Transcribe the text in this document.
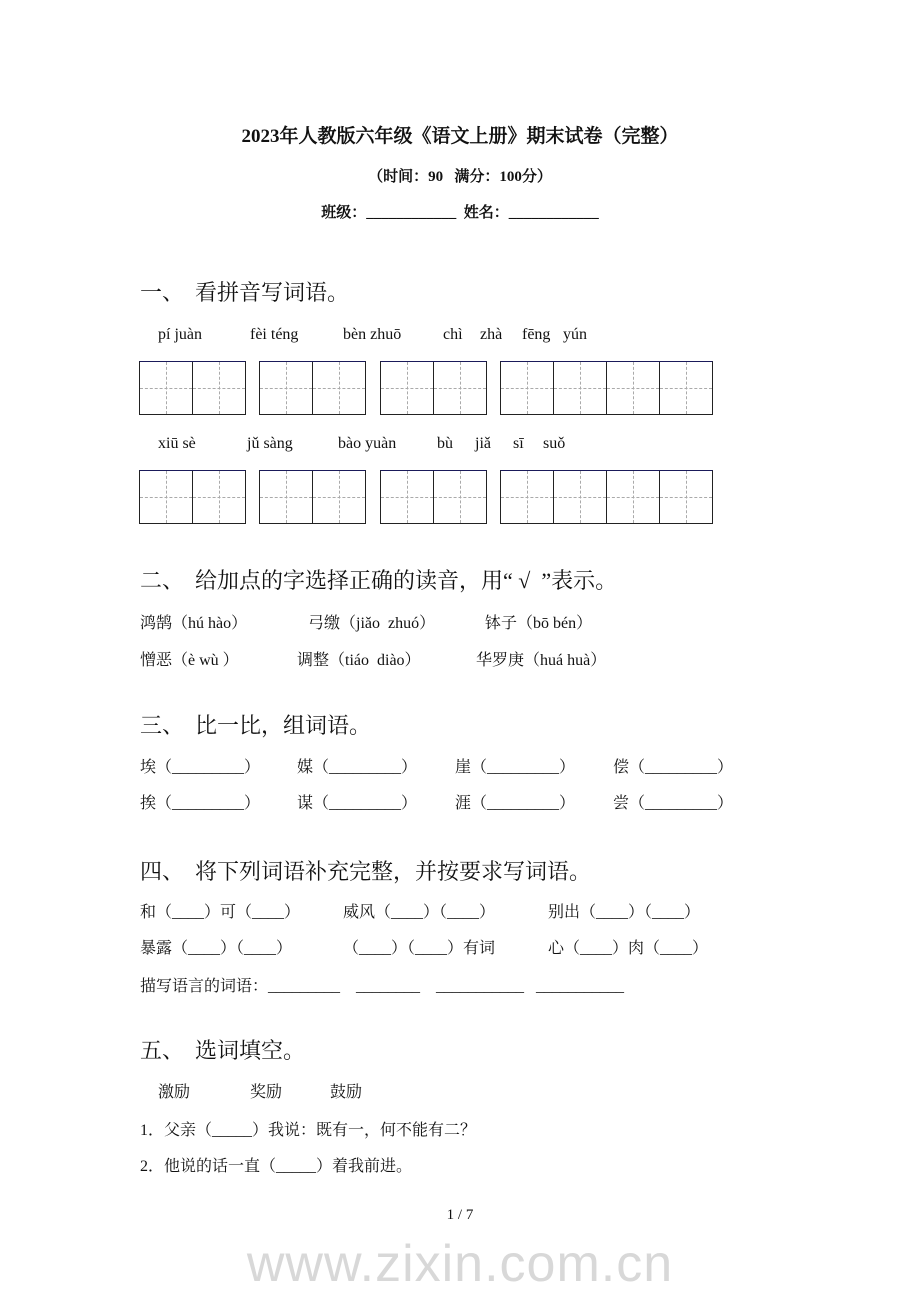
2023年人教版六年级《语文上册》期末试卷（完整）
（时间：90   满分：100分）
班级：____________  姓名：____________
一、  看拼音写词语。
pí juàn	fèi téng	bèn zhuō	chì zhà fēng yún
xiū sè	jǔ sàng	bào yuàn	bù jiǎ sī suǒ
二、  给加点的字选择正确的读音，用“ √  ”表示。
鸿鹄（hú hào）	弓缴（jiǎo  zhuó）	钵子（bō bén）
憎恶（è wù ）	调整（tiáo  diào）	华罗庚（huá huà）
三、  比一比，组词语。
埃（_________） 媒（_________） 崖（_________） 偿（_________）
挨（_________） 谋（_________） 涯（_________） 尝（_________）
四、  将下列词语补充完整，并按要求写词语。
和（____）可（____）	威风（____）（____）	别出（____）（____）
暴露（____）（____）	（____）（____）有词	心（____）肉（____）
描写语言的词语：_________    ________    ___________   ___________
五、  选词填空。
激励	奖励	鼓励
1．父亲（_____）我说：既有一，何不能有二？
2．他说的话一直（_____）着我前进。
1 / 7
www.zixin.com.cn
